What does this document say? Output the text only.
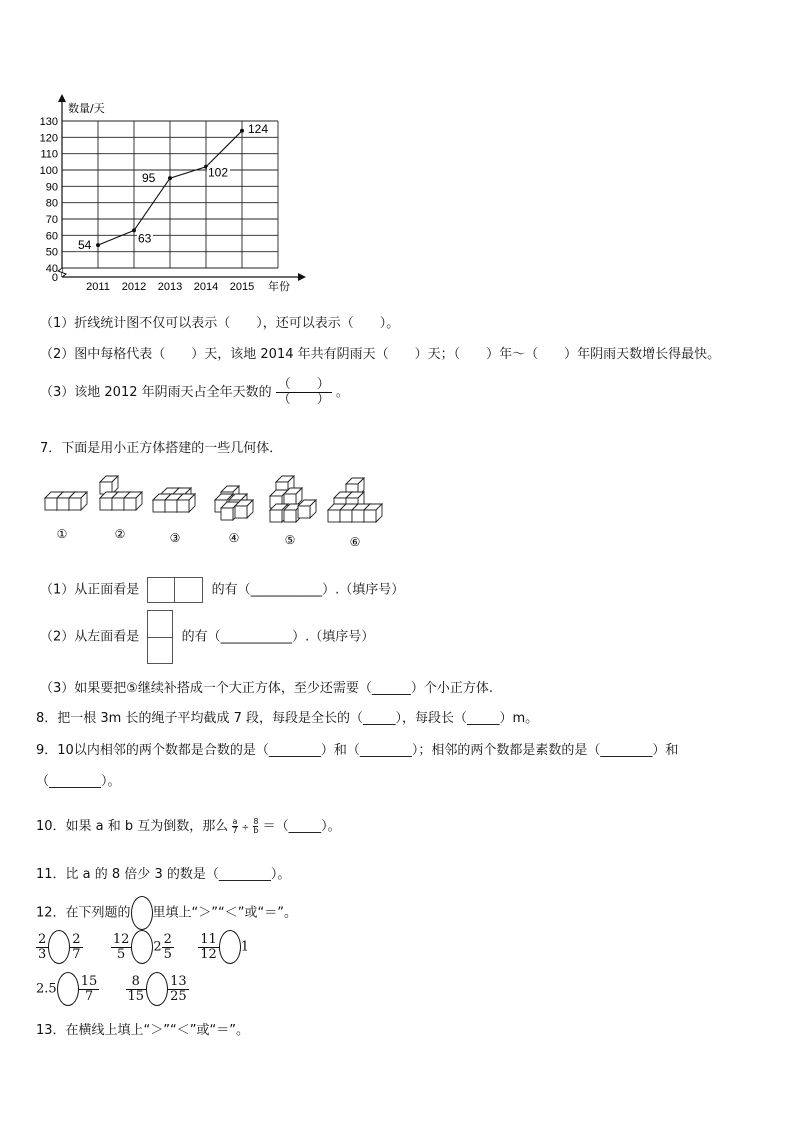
0
40
50
60
70
80
90
100
110
120
130
2011 2012 2013 2014 2015
数量/天
年份
54	63
95	102
124
（1）折线统计图不仅可以表示（　　），还可以表示（　　）。
（2）图中每格代表（　　）天，该地 2014 年共有阴雨天（　　）天；（　　）年～（　　）年阴雨天数增长得最快。
（3）该地 2012 年阴雨天占全年天数的 $\frac{( )}{( )}$ 。
7．下面是用小正方体搭建的一些几何体．
①	②	③	④	⑤	⑥
（1）从正面看是	的有（___________）.（填序号）
（2）从左面看是	的有（___________）.（填序号）
（3）如果要把⑤继续补搭成一个大正方体，至少还需要（______）个小正方体.
8．把一根 3m 长的绳子平均截成 7 段，每段是全长的（_____），每段长（_____）m。
9．10以内相邻的两个数都是合数的是（________）和（________）；相邻的两个数都是素数的是（________）和
（________）。
10．如果 a 和 b 互为倒数，那么 $\frac{a}{7} \div \frac{8}{b}$ ＝（_____）。
11．比 a 的 8 倍少 3 的数是（________）。
12．在下列题的 里填上“＞”“＜”或“＝”。
$\frac{2}{3} \frac{2}{7}$
$\frac{12}{5} 2 \frac{2}{5}$
$\frac{11}{12} 1$
$2.5 \frac{15}{7}$
$\frac{8}{15} \frac{13}{25}$
13．在横线上填上“＞”“＜”或“＝”。
